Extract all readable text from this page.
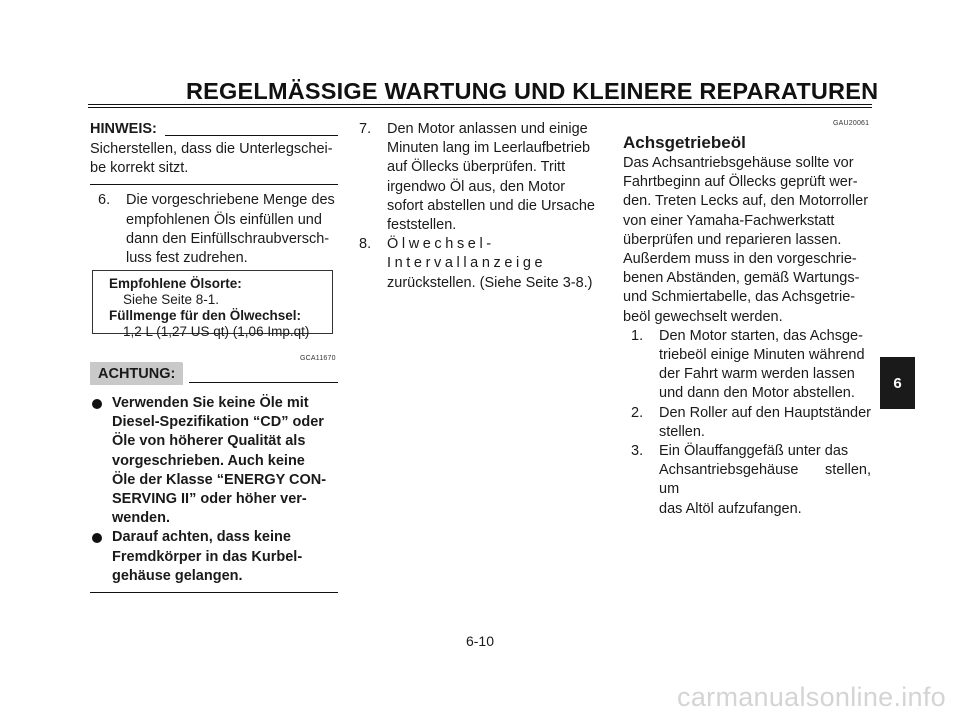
REGELMÄSSIGE WARTUNG UND KLEINERE REPARATUREN
HINWEIS:
Sicherstellen, dass die Unterlegschei-
be korrekt sitzt.
6. Die vorgeschriebene Menge des
empfohlenen Öls einfüllen und
dann den Einfüllschraubversch-
luss fest zudrehen.
Empfohlene Ölsorte:
Siehe Seite 8-1.
Füllmenge für den Ölwechsel:
1,2 L (1,27 US qt) (1,06 Imp.qt)
GCA11670
ACHTUNG:
Verwenden Sie keine Öle mit
Diesel-Spezifikation “CD” oder
Öle von höherer Qualität als
vorgeschrieben. Auch keine
Öle der Klasse “ENERGY CON-
SERVING II” oder höher ver-
wenden.
Darauf achten, dass keine
Fremdkörper in das Kurbel-
gehäuse gelangen.
7. Den Motor anlassen und einige
Minuten lang im Leerlaufbetrieb
auf Öllecks überprüfen. Tritt
irgendwo Öl aus, den Motor
sofort abstellen und die Ursache
feststellen.
8. Ölwechsel-Intervallanzeige
zurückstellen. (Siehe Seite 3-8.)
GAU20061
Achsgetriebeöl
Das Achsantriebsgehäuse sollte vor
Fahrtbeginn auf Öllecks geprüft wer-
den. Treten Lecks auf, den Motorroller
von einer Yamaha-Fachwerkstatt
überprüfen und reparieren lassen.
Außerdem muss in den vorgeschrie-
benen Abständen, gemäß Wartungs-
und Schmiertabelle, das Achsgetrie-
beöl gewechselt werden.
1. Den Motor starten, das Achsge-
triebeöl einige Minuten während
der Fahrt warm werden lassen
und dann den Motor abstellen.
2. Den Roller auf den Hauptständer
stellen.
3. Ein Ölauffanggefäß unter das
Achsantriebsgehäuse stellen, um
das Altöl aufzufangen.
6
6-10
carmanualsonline.info
